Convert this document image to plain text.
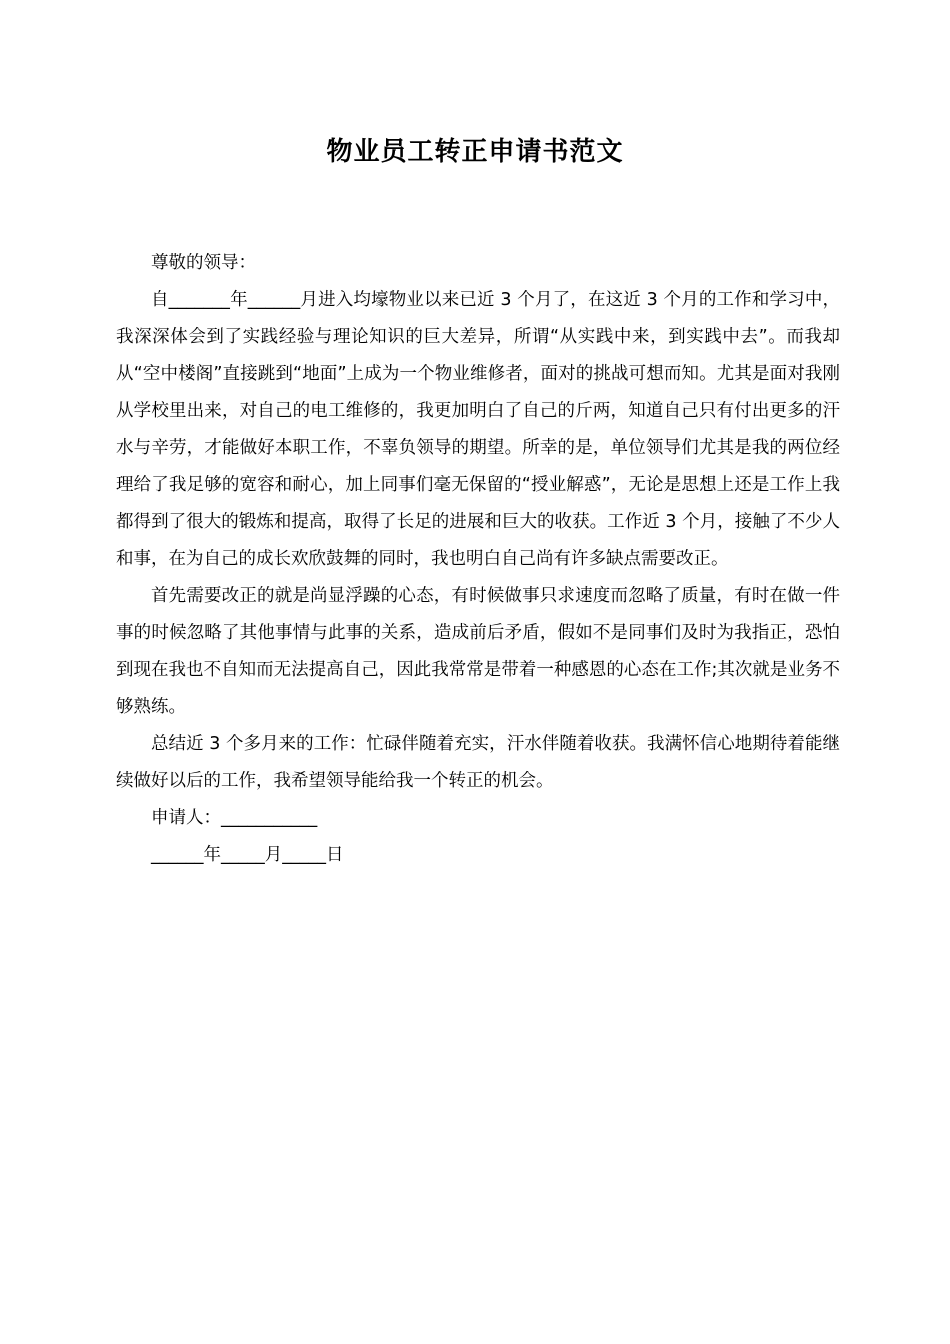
物业员工转正申请书范文

尊敬的领导：

自_______年______月进入均壕物业以来已近 3 个月了，在这近 3 个月的工作和学习中，我深深体会到了实践经验与理论知识的巨大差异，所谓“从实践中来，到实践中去”。而我却从“空中楼阁”直接跳到“地面”上成为一个物业维修者，面对的挑战可想而知。尤其是面对我刚从学校里出来，对自己的电工维修的，我更加明白了自己的斤两，知道自己只有付出更多的汗水与辛劳，才能做好本职工作，不辜负领导的期望。所幸的是，单位领导们尤其是我的两位经理给了我足够的宽容和耐心，加上同事们毫无保留的“授业解惑”，无论是思想上还是工作上我都得到了很大的锻炼和提高，取得了长足的进展和巨大的收获。工作近 3 个月，接触了不少人和事，在为自己的成长欢欣鼓舞的同时，我也明白自己尚有许多缺点需要改正。

首先需要改正的就是尚显浮躁的心态，有时候做事只求速度而忽略了质量，有时在做一件事的时候忽略了其他事情与此事的关系，造成前后矛盾，假如不是同事们及时为我指正，恐怕到现在我也不自知而无法提高自己，因此我常常是带着一种感恩的心态在工作;其次就是业务不够熟练。

总结近 3 个多月来的工作：忙碌伴随着充实，汗水伴随着收获。我满怀信心地期待着能继续做好以后的工作，我希望领导能给我一个转正的机会。

申请人：___________

______年_____月_____日
